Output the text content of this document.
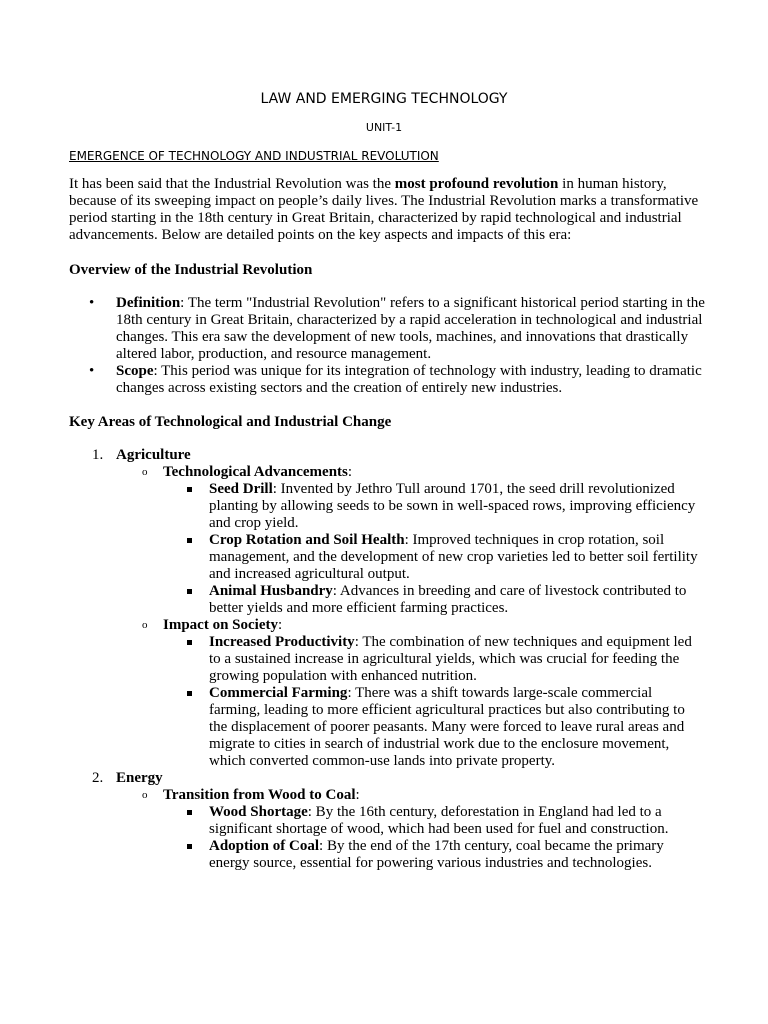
LAW AND EMERGING TECHNOLOGY
UNIT-1
EMERGENCE OF TECHNOLOGY AND INDUSTRIAL REVOLUTION

It has been said that the Industrial Revolution was the most profound revolution in human history, because of its sweeping impact on people’s daily lives. The Industrial Revolution marks a transformative period starting in the 18th century in Great Britain, characterized by rapid technological and industrial advancements. Below are detailed points on the key aspects and impacts of this era:

Overview of the Industrial Revolution

• Definition: The term "Industrial Revolution" refers to a significant historical period starting in the 18th century in Great Britain, characterized by a rapid acceleration in technological and industrial changes. This era saw the development of new tools, machines, and innovations that drastically altered labor, production, and resource management.
• Scope: This period was unique for its integration of technology with industry, leading to dramatic changes across existing sectors and the creation of entirely new industries.

Key Areas of Technological and Industrial Change

1. Agriculture
o Technological Advancements:
Seed Drill: Invented by Jethro Tull around 1701, the seed drill revolutionized planting by allowing seeds to be sown in well-spaced rows, improving efficiency and crop yield.
Crop Rotation and Soil Health: Improved techniques in crop rotation, soil management, and the development of new crop varieties led to better soil fertility and increased agricultural output.
Animal Husbandry: Advances in breeding and care of livestock contributed to better yields and more efficient farming practices.
o Impact on Society:
Increased Productivity: The combination of new techniques and equipment led to a sustained increase in agricultural yields, which was crucial for feeding the growing population with enhanced nutrition.
Commercial Farming: There was a shift towards large-scale commercial farming, leading to more efficient agricultural practices but also contributing to the displacement of poorer peasants. Many were forced to leave rural areas and migrate to cities in search of industrial work due to the enclosure movement, which converted common-use lands into private property.
2. Energy
o Transition from Wood to Coal:
Wood Shortage: By the 16th century, deforestation in England had led to a significant shortage of wood, which had been used for fuel and construction.
Adoption of Coal: By the end of the 17th century, coal became the primary energy source, essential for powering various industries and technologies.
